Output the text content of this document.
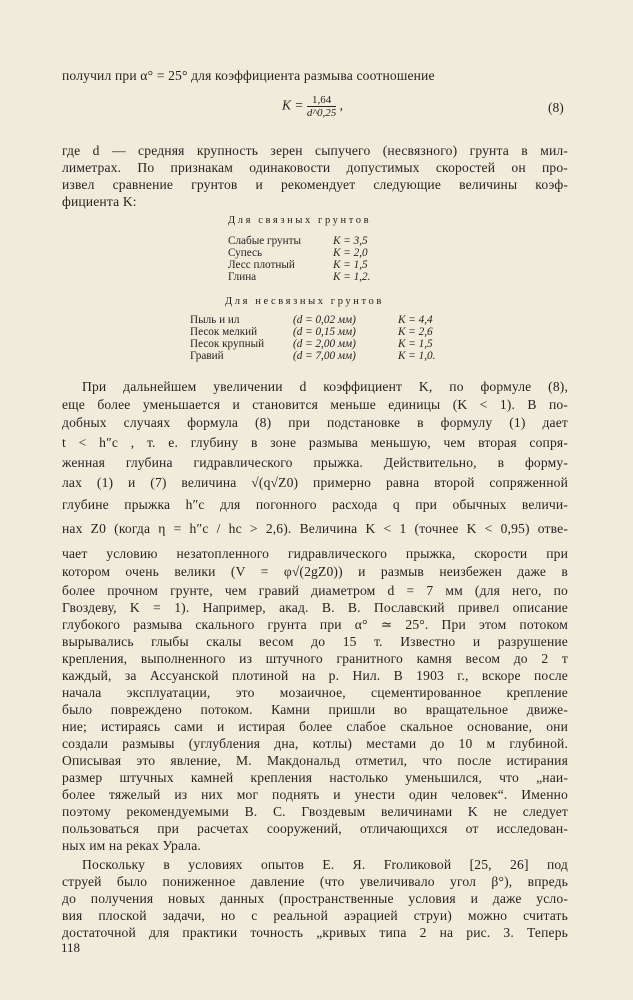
получил при α° = 25° для коэффициента размыва соотношение
$K = \frac{1,64}{d\^{}0,25}$ ,	(8)
где d — средняя крупность зерен сыпучего (несвязного) грунта в мил-
лиметрах. По признакам одинаковости допустимых скоростей он про-
извел сравнение грунтов и рекомендует следующие величины коэф-
фициента K:
Для связных грунтов
Слабые грунты	K = 3,5
Супесь	K = 2,0
Лесс плотный	K = 1,5
Глина	K = 1,2.
Для несвязных грунтов
Пыль и ил	(d = 0,02 мм)	K = 4,4
Песок мелкий	(d = 0,15 мм)	K = 2,6
Песок крупный	(d = 2,00 мм)	K = 1,5
Гравий	(d = 7,00 мм)	K = 1,0.
При дальнейшем увеличении d коэффициент K, по формуле (8),
еще более уменьшается и становится меньше единицы (K < 1). В по-
добных случаях формула (8) при подстановке в формулу (1) дает
t < h″c , т. е. глубину в зоне размыва меньшую, чем вторая сопря-
женная глубина гидравлического прыжка. Действительно, в форму-
лах (1) и (7) величина √(q√Z0) примерно равна второй сопряженной
глубине прыжка h″c для погонного расхода q при обычных величи-
нах Z0 (когда η = h″c / hc > 2,6). Величина K < 1 (точнее K < 0,95) отве-
чает условию незатопленного гидравлического прыжка, скорости при
котором очень велики (V = φ√(2gZ0)) и размыв неизбежен даже в
более прочном грунте, чем гравий диаметром d = 7 мм (для него, по
Гвоздеву, K = 1). Например, акад. В. В. Пославский привел описание
глубокого размыва скального грунта при α° ≃ 25°. При этом потоком
вырывались глыбы скалы весом до 15 т. Известно и разрушение
крепления, выполненного из штучного гранитного камня весом до 2 т
каждый, за Ассуанской плотиной на р. Нил. В 1903 г., вскоре после
начала эксплуатации, это мозаичное, сцементированное крепление
было повреждено потоком. Камни пришли во вращательное движе-
ние; истираясь сами и истирая более слабое скальное основание, они
создали размывы (углубления дна, котлы) местами до 10 м глубиной.
Описывая это явление, М. Макдональд отметил, что после истирания
размер штучных камней крепления настолько уменьшился, что „наи-
более тяжелый из них мог поднять и унести один человек“. Именно
поэтому рекомендуемыми В. С. Гвоздевым величинами K не следует
пользоваться при расчетах сооружений, отличающихся от исследован-
ных им на реках Урала.
Поскольку в условиях опытов Е. Я. Froликовой [25, 26] под
струей было пониженное давление (что увеличивало угол β°), впредь
до получения новых данных (пространственные условия и даже усло-
вия плоской задачи, но с реальной аэрацией струи) можно считать
достаточной для практики точность „кривых типа 2 на рис. 3. Теперь
118
